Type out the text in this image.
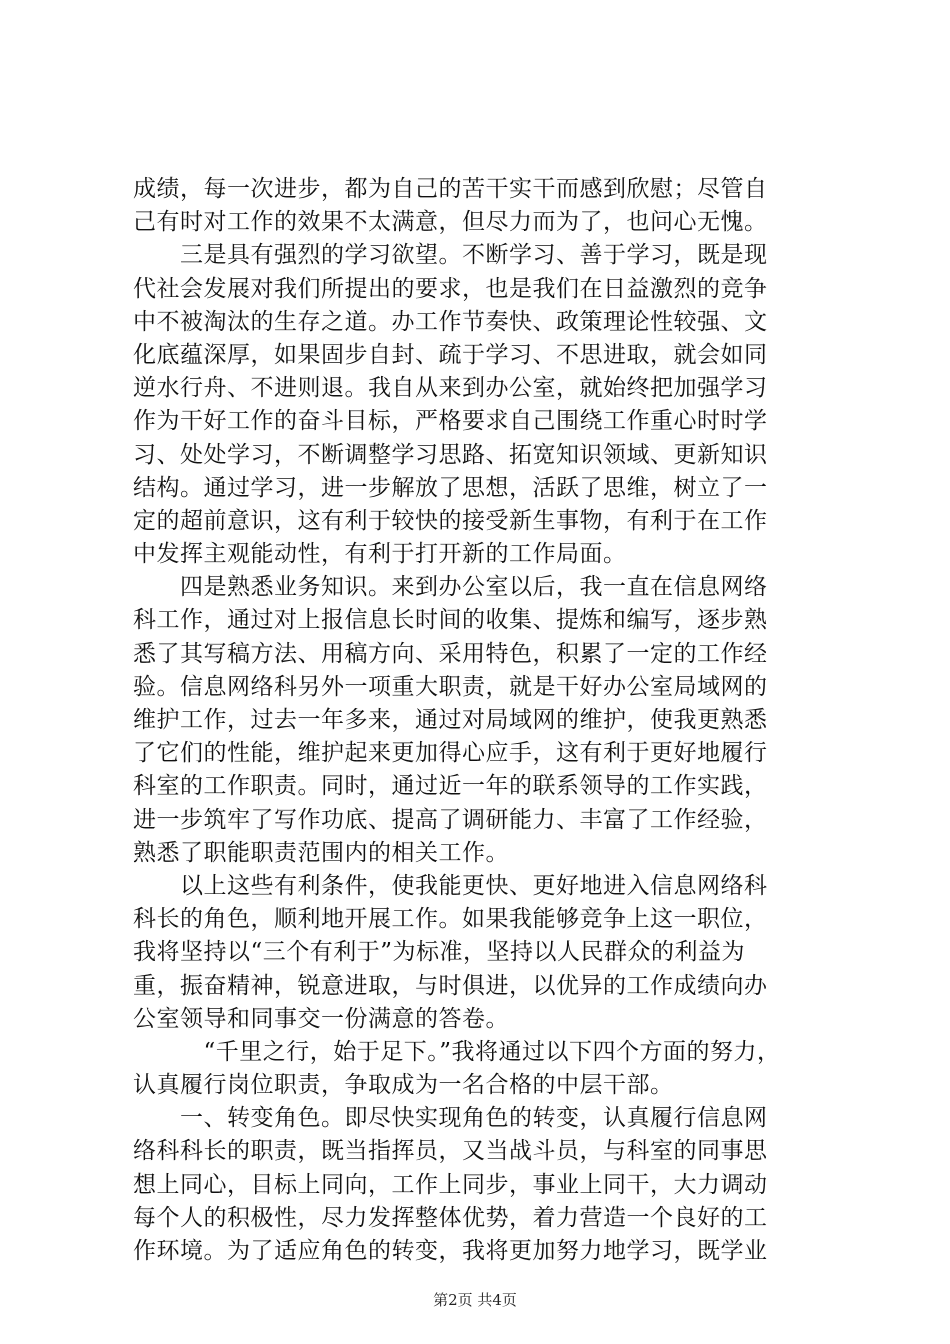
成绩，每一次进步，都为自己的苦干实干而感到欣慰；尽管自
己有时对工作的效果不太满意，但尽力而为了，也问心无愧。
　　三是具有强烈的学习欲望。不断学习、善于学习，既是现
代社会发展对我们所提出的要求，也是我们在日益激烈的竞争
中不被淘汰的生存之道。办工作节奏快、政策理论性较强、文
化底蕴深厚，如果固步自封、疏于学习、不思进取，就会如同
逆水行舟、不进则退。我自从来到办公室，就始终把加强学习
作为干好工作的奋斗目标，严格要求自己围绕工作重心时时学
习、处处学习，不断调整学习思路、拓宽知识领域、更新知识
结构。通过学习，进一步解放了思想，活跃了思维，树立了一
定的超前意识，这有利于较快的接受新生事物，有利于在工作
中发挥主观能动性，有利于打开新的工作局面。
　　四是熟悉业务知识。来到办公室以后，我一直在信息网络
科工作，通过对上报信息长时间的收集、提炼和编写，逐步熟
悉了其写稿方法、用稿方向、采用特色，积累了一定的工作经
验。信息网络科另外一项重大职责，就是干好办公室局域网的
维护工作，过去一年多来，通过对局域网的维护，使我更熟悉
了它们的性能，维护起来更加得心应手，这有利于更好地履行
科室的工作职责。同时，通过近一年的联系领导的工作实践，
进一步筑牢了写作功底、提高了调研能力、丰富了工作经验，
熟悉了职能职责范围内的相关工作。
　　以上这些有利条件，使我能更快、更好地进入信息网络科
科长的角色，顺利地开展工作。如果我能够竞争上这一职位，
我将坚持以“三个有利于”为标准，坚持以人民群众的利益为
重，振奋精神，锐意进取，与时俱进，以优异的工作成绩向办
公室领导和同事交一份满意的答卷。
　　　“千里之行，始于足下。”我将通过以下四个方面的努力，
认真履行岗位职责，争取成为一名合格的中层干部。
　　一、转变角色。即尽快实现角色的转变，认真履行信息网
络科科长的职责，既当指挥员，又当战斗员，与科室的同事思
想上同心，目标上同向，工作上同步，事业上同干，大力调动
每个人的积极性，尽力发挥整体优势，着力营造一个良好的工
作环境。为了适应角色的转变，我将更加努力地学习，既学业
第2页 共4页
